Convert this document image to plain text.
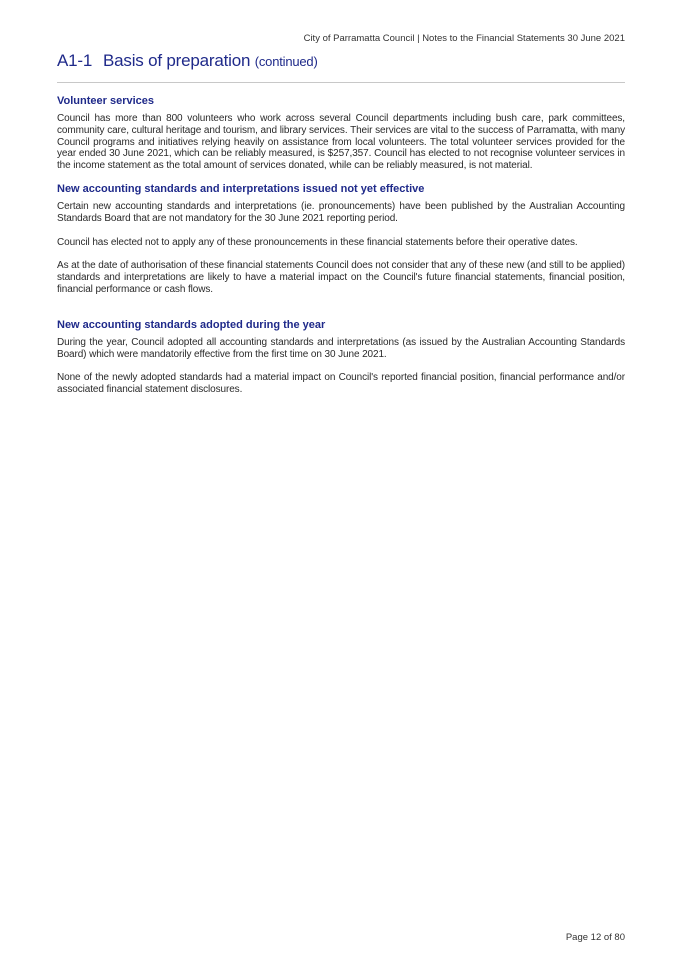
City of Parramatta Council | Notes to the Financial Statements 30 June 2021
A1-1 Basis of preparation (continued)
Volunteer services

Council has more than 800 volunteers who work across several Council departments including bush care, park committees, community care, cultural heritage and tourism, and library services. Their services are vital to the success of Parramatta, with many Council programs and initiatives relying heavily on assistance from local volunteers. The total volunteer services provided for the year ended 30 June 2021, which can be reliably measured, is $257,357. Council has elected to not recognise volunteer services in the income statement as the total amount of services donated, while can be reliably measured, is not material.

New accounting standards and interpretations issued not yet effective

Certain new accounting standards and interpretations (ie. pronouncements) have been published by the Australian Accounting Standards Board that are not mandatory for the 30 June 2021 reporting period.

Council has elected not to apply any of these pronouncements in these financial statements before their operative dates.

As at the date of authorisation of these financial statements Council does not consider that any of these new (and still to be applied) standards and interpretations are likely to have a material impact on the Council's future financial statements, financial position, financial performance or cash flows.

New accounting standards adopted during the year

During the year, Council adopted all accounting standards and interpretations (as issued by the Australian Accounting Standards Board) which were mandatorily effective from the first time on 30 June 2021.

None of the newly adopted standards had a material impact on Council's reported financial position, financial performance and/or associated financial statement disclosures.

Page 12 of 80
